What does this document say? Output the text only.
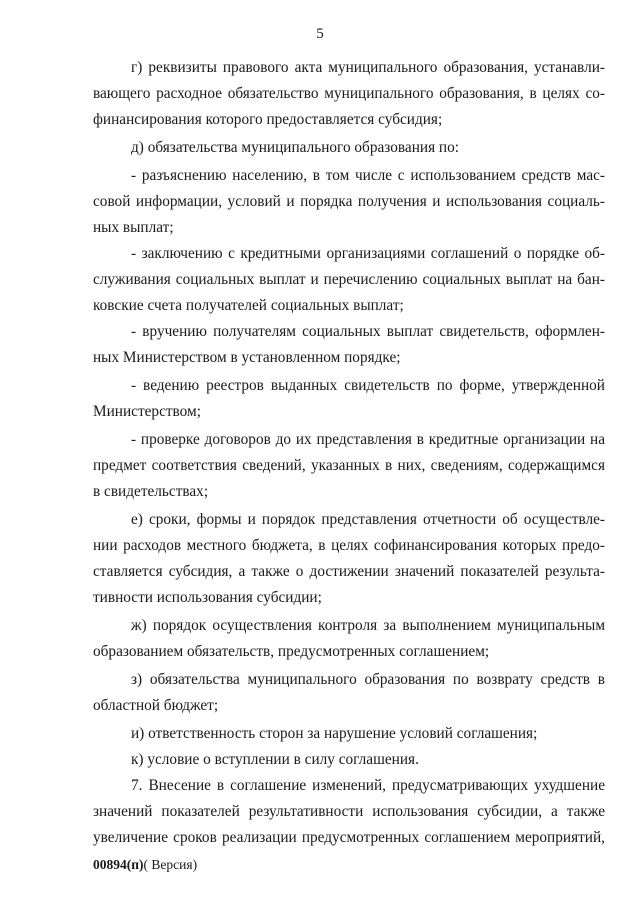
5
г) реквизиты правового акта муниципального образования, устанавли-
вающего расходное обязательство муниципального образования, в целях со-
финансирования которого предоставляется субсидия;
д) обязательства муниципального образования по:
- разъяснению населению, в том числе с использованием средств мас-
совой информации, условий и порядка получения и использования социаль-
ных выплат;
- заключению с кредитными организациями соглашений о порядке об-
служивания социальных выплат и перечислению социальных выплат на бан-
ковские счета получателей социальных выплат;
- вручению получателям социальных выплат свидетельств, оформлен-
ных Министерством в установленном порядке;
- ведению реестров выданных свидетельств по форме, утвержденной
Министерством;
- проверке договоров до их представления в кредитные организации на
предмет соответствия сведений, указанных в них, сведениям, содержащимся
в свидетельствах;
е) сроки, формы и порядок представления отчетности об осуществле-
нии расходов местного бюджета, в целях софинансирования которых предо-
ставляется субсидия, а также о достижении значений показателей результа-
тивности использования субсидии;
ж) порядок осуществления контроля за выполнением муниципальным
образованием обязательств, предусмотренных соглашением;
з) обязательства муниципального образования по возврату средств в
областной бюджет;
и) ответственность сторон за нарушение условий соглашения;
к) условие о вступлении в силу соглашения.
7. Внесение в соглашение изменений, предусматривающих ухудшение
значений показателей результативности использования субсидии, а также
увеличение сроков реализации предусмотренных соглашением мероприятий,
00894(п)( Версия)
